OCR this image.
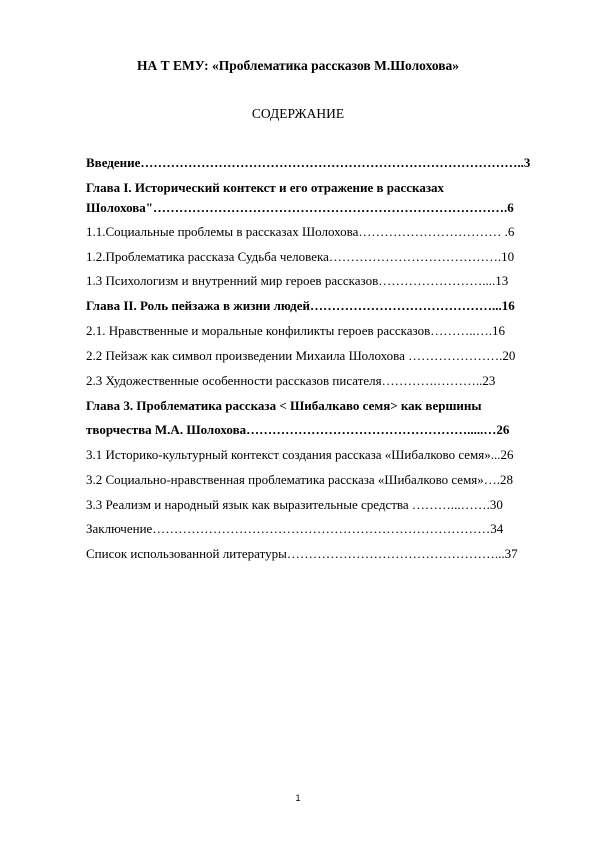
НА Т ЕМУ: «Проблематика рассказов М.Шолохова»
СОДЕРЖАНИЕ
Введение……………………………………………………………………………..3
Глава I. Исторический контекст и его отражение в рассказах
Шолохова"……………………………………………………………………….6
1.1.Социальные проблемы в рассказах Шолохова…………………………… .6
1.2.Проблематика рассказа Судьба человека………………………………….10
1.3 Психологизм и внутренний мир героев рассказов……………………....13
Глава II. Роль пейзажа в жизни людей……………………………………...16
2.1. Нравственные и моральные конфиликты героев рассказов………..….16
2.2 Пейзаж как символ произведении Михаила Шолохова ………………….20
2.3 Художественные особенности рассказов писателя………….………..23
Глава 3. Проблематика рассказа < Шибалкаво семя> как вершины
творчества М.А. Шолохова…………………………………………….....…26
3.1 Историко-культурный контекст создания рассказа «Шибалково семя»...26
3.2 Социально-нравственная проблематика рассказа «Шибалково семя»….28
3.3 Реализм и народный язык как выразительные средства ………...…….30
Заключение……………………………………………………………………34
Список использованной литературы…………………………………………...37
1
